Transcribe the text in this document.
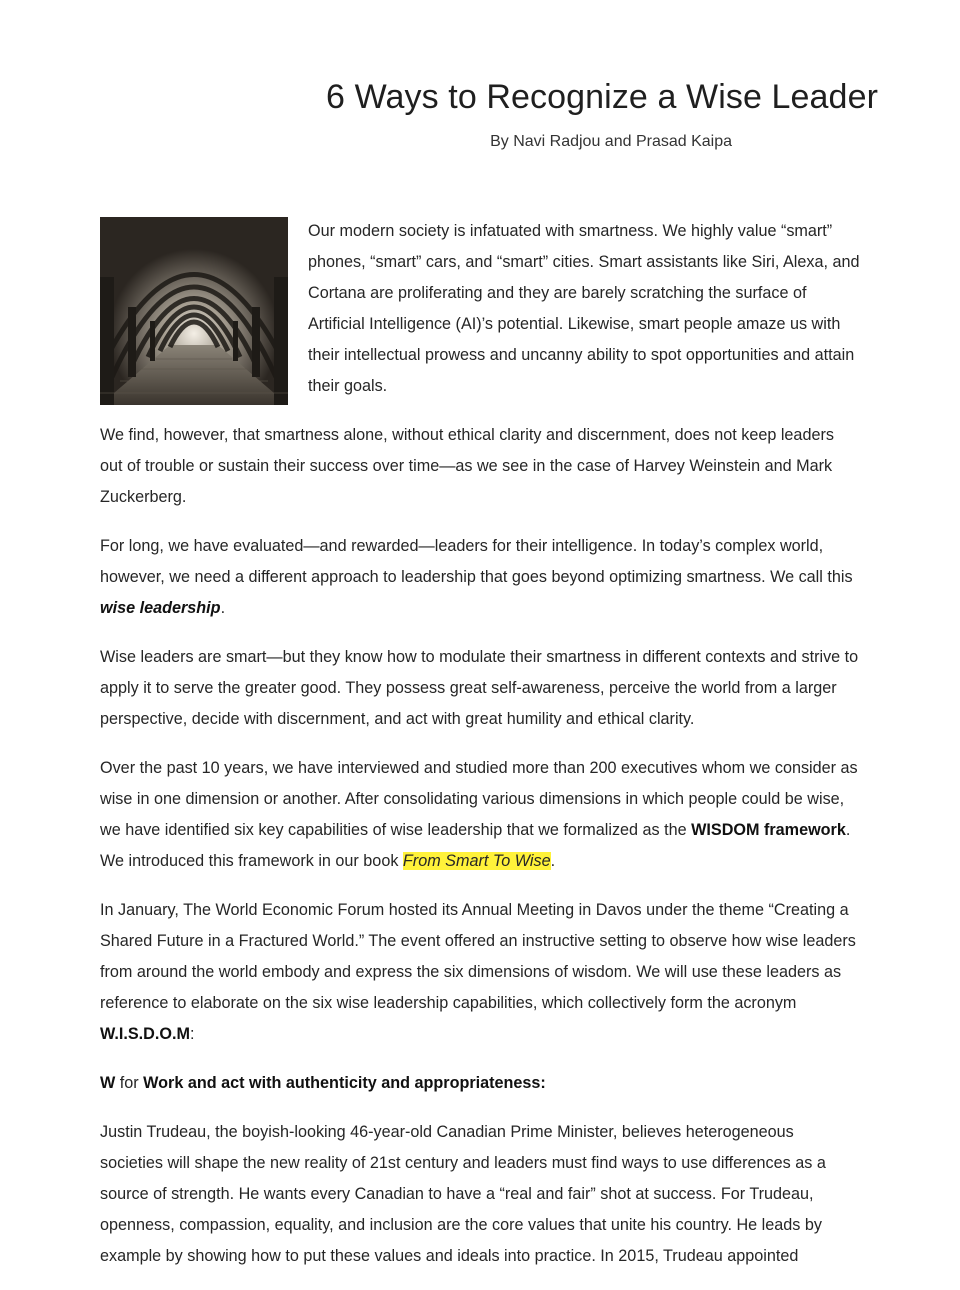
6 Ways to Recognize a Wise Leader
By Navi Radjou and Prasad Kaipa

Our modern society is infatuated with smartness. We highly value “smart” phones, “smart” cars, and “smart” cities. Smart assistants like Siri, Alexa, and Cortana are proliferating and they are barely scratching the surface of Artificial Intelligence (AI)’s potential. Likewise, smart people amaze us with their intellectual prowess and uncanny ability to spot opportunities and attain their goals.

We find, however, that smartness alone, without ethical clarity and discernment, does not keep leaders out of trouble or sustain their success over time—as we see in the case of Harvey Weinstein and Mark Zuckerberg.

For long, we have evaluated—and rewarded—leaders for their intelligence. In today’s complex world, however, we need a different approach to leadership that goes beyond optimizing smartness. We call this wise leadership.

Wise leaders are smart—but they know how to modulate their smartness in different contexts and strive to apply it to serve the greater good. They possess great self-awareness, perceive the world from a larger perspective, decide with discernment, and act with great humility and ethical clarity.

Over the past 10 years, we have interviewed and studied more than 200 executives whom we consider as wise in one dimension or another. After consolidating various dimensions in which people could be wise, we have identified six key capabilities of wise leadership that we formalized as the WISDOM framework. We introduced this framework in our book From Smart To Wise.

In January, The World Economic Forum hosted its Annual Meeting in Davos under the theme “Creating a Shared Future in a Fractured World.” The event offered an instructive setting to observe how wise leaders from around the world embody and express the six dimensions of wisdom. We will use these leaders as reference to elaborate on the six wise leadership capabilities, which collectively form the acronym W.I.S.D.O.M:

W for Work and act with authenticity and appropriateness:

Justin Trudeau, the boyish-looking 46-year-old Canadian Prime Minister, believes heterogeneous societies will shape the new reality of 21st century and leaders must find ways to use differences as a source of strength. He wants every Canadian to have a “real and fair” shot at success. For Trudeau, openness, compassion, equality, and inclusion are the core values that unite his country. He leads by example by showing how to put these values and ideals into practice. In 2015, Trudeau appointed
